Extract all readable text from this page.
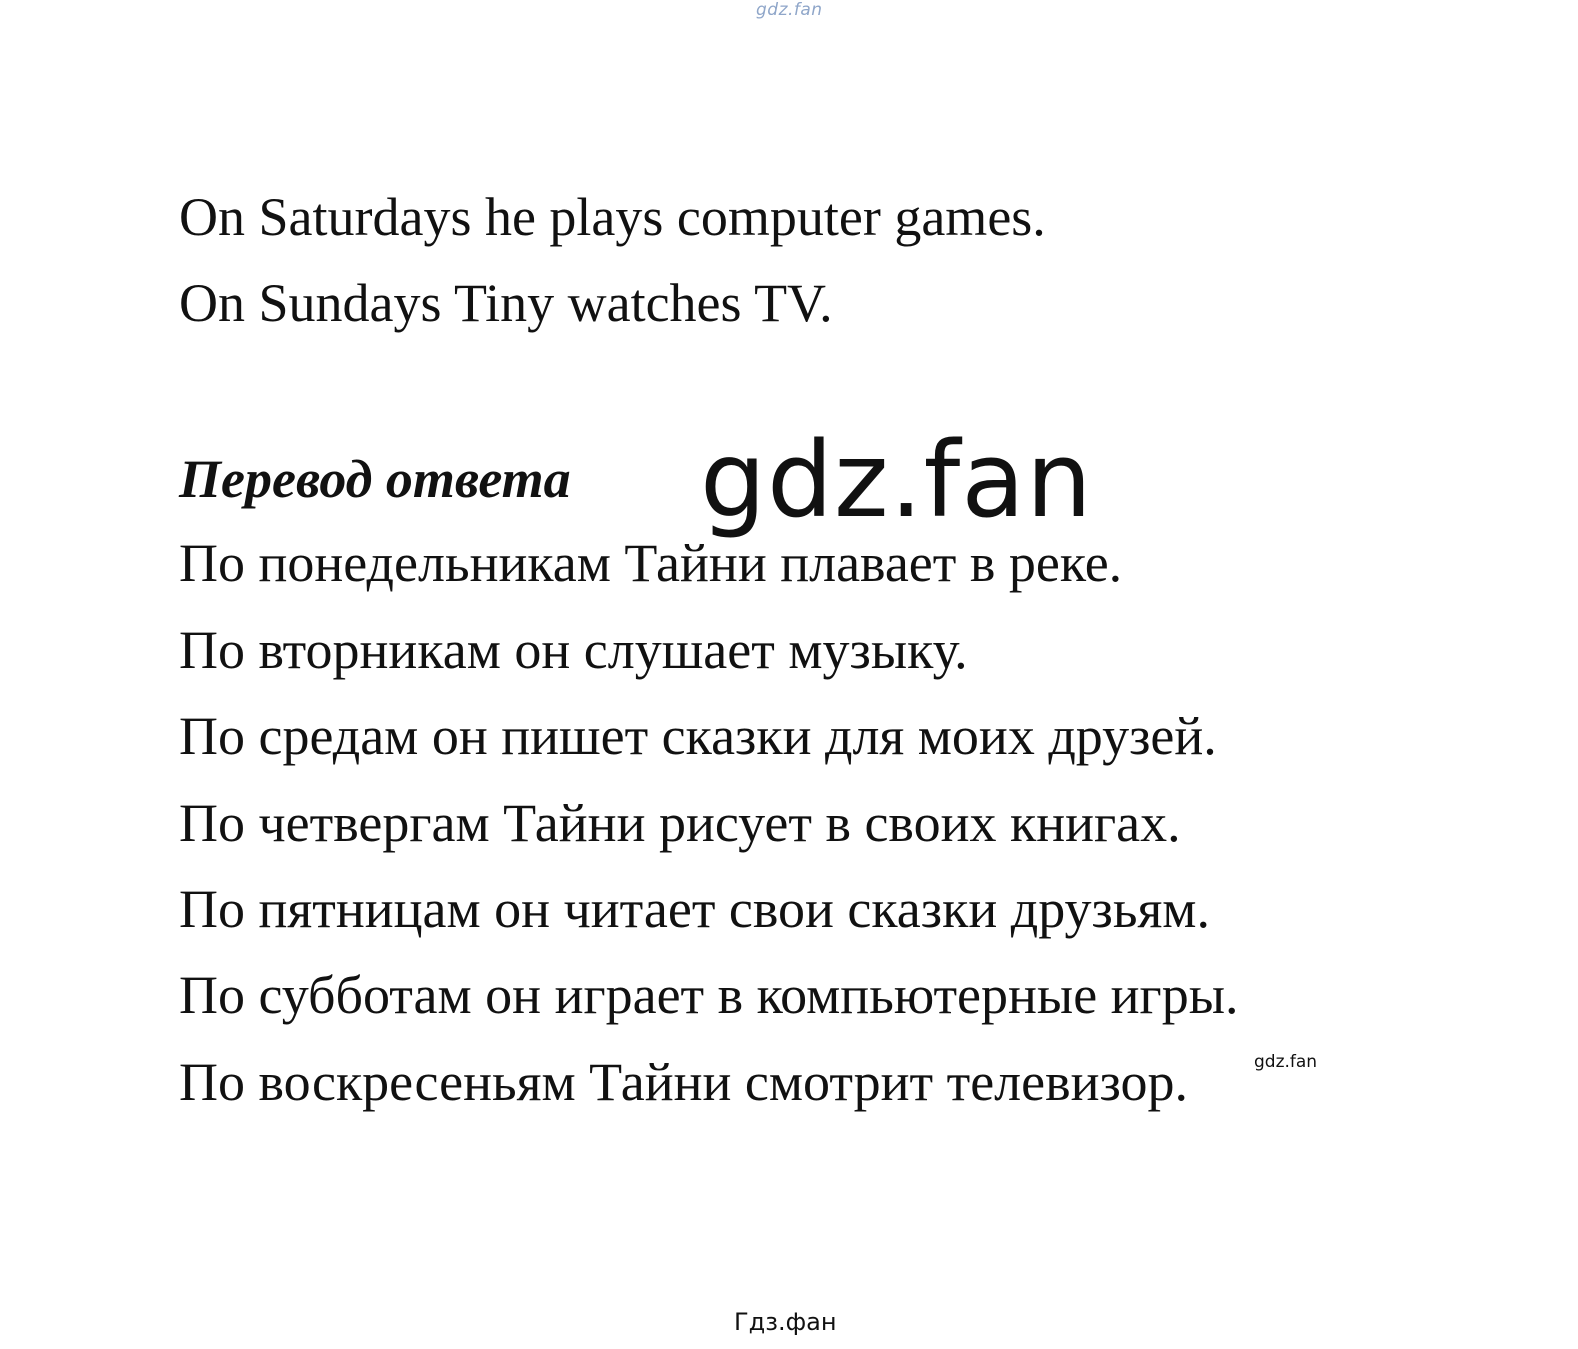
gdz.fan
On Saturdays he plays computer games.
On Sundays Tiny watches TV.
Перевод ответа gdz.fan
По понедельникам Тайни плавает в реке.
По вторникам он слушает музыку.
По средам он пишет сказки для моих друзей.
По четвергам Тайни рисует в своих книгах.
По пятницам он читает свои сказки друзьям.
По субботам он играет в компьютерные игры.
По воскресеньям Тайни смотрит телевизор.	gdz.fan
Гдз.фан
